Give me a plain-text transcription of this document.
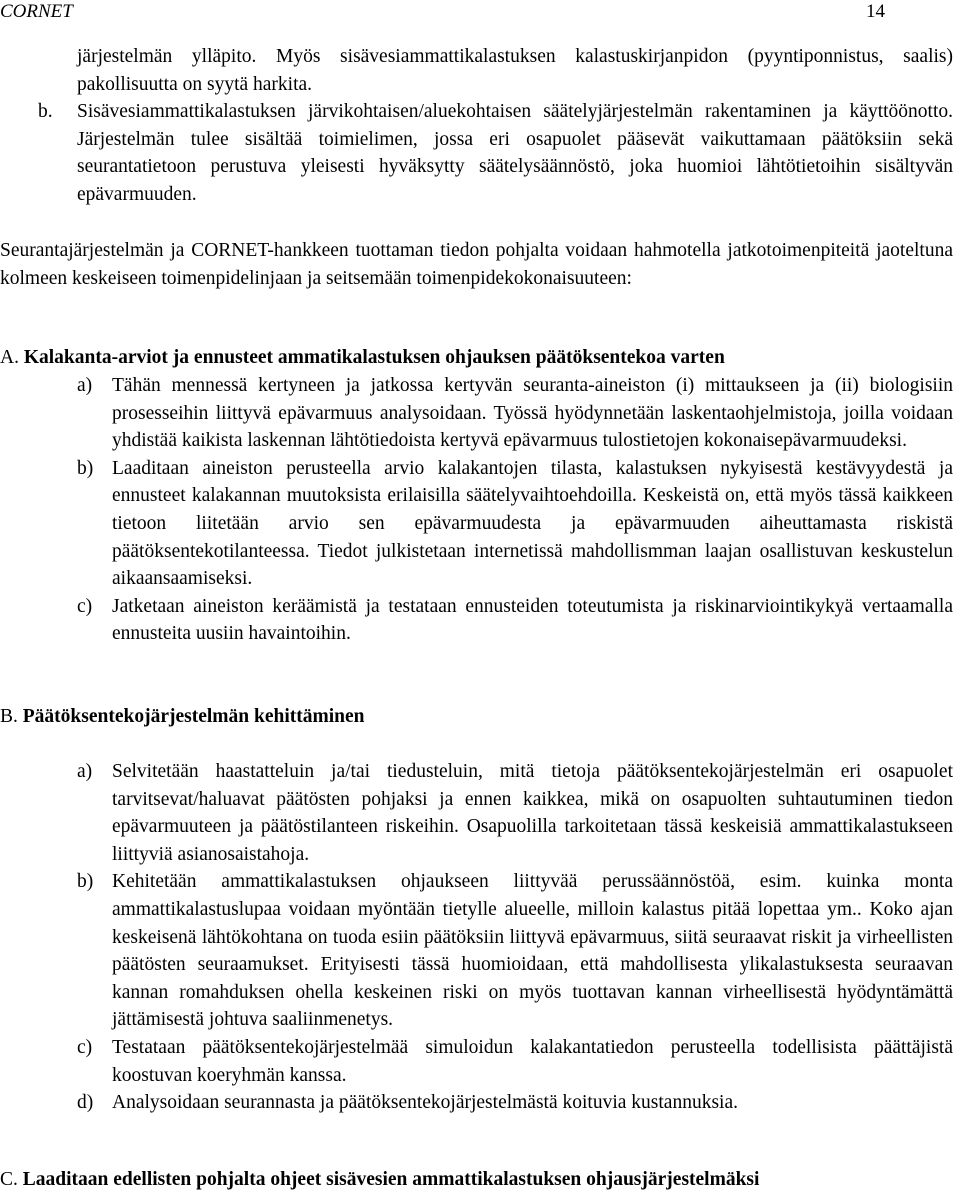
CORNET	14
järjestelmän ylläpito. Myös sisävesiammattikalastuksen kalastuskirjanpidon (pyyntiponnistus, saalis) pakollisuutta on syytä harkita.
b. Sisävesiammattikalastuksen järvikohtaisen/aluekohtaisen säätelyjärjestelmän rakentaminen ja käyttöönotto. Järjestelmän tulee sisältää toimielimen, jossa eri osapuolet pääsevät vaikuttamaan päätöksiin sekä seurantatietoon perustuva yleisesti hyväksytty säätelysäännöstö, joka huomioi lähtötietoihin sisältyvän epävarmuuden.
Seurantajärjestelmän ja CORNET-hankkeen tuottaman tiedon pohjalta voidaan hahmotella jatkotoimenpiteitä jaoteltuna kolmeen keskeiseen toimenpidelinjaan ja seitsemään toimenpidekokonaisuuteen:
A. Kalakanta-arviot ja ennusteet ammatikalastuksen ohjauksen päätöksentekoa varten
a) Tähän mennessä kertyneen ja jatkossa kertyvän seuranta-aineiston (i) mittaukseen ja (ii) biologisiin prosesseihin liittyvä epävarmuus analysoidaan. Työssä hyödynnetään laskentaohjelmistoja, joilla voidaan yhdistää kaikista laskennan lähtötiedoista kertyvä epävarmuus tulostietojen kokonaisepävarmuudeksi.
b) Laaditaan aineiston perusteella arvio kalakantojen tilasta, kalastuksen nykyisestä kestävyydestä ja ennusteet kalakannan muutoksista erilaisilla säätelyvaihtoehdoilla. Keskeistä on, että myös tässä kaikkeen tietoon liitetään arvio sen epävarmuudesta ja epävarmuuden aiheuttamasta riskistä päätöksentekotilanteessa. Tiedot julkistetaan internetissä mahdollismman laajan osallistuvan keskustelun aikaansaamiseksi.
c) Jatketaan aineiston keräämistä ja testataan ennusteiden toteutumista ja riskinarviointikykyä vertaamalla ennusteita uusiin havaintoihin.
B. Päätöksentekojärjestelmän kehittäminen
a) Selvitetään haastatteluin ja/tai tiedusteluin, mitä tietoja päätöksentekojärjestelmän eri osapuolet tarvitsevat/haluavat päätösten pohjaksi ja ennen kaikkea, mikä on osapuolten suhtautuminen tiedon epävarmuuteen ja päätöstilanteen riskeihin. Osapuolilla tarkoitetaan tässä keskeisiä ammattikalastukseen liittyviä asianosaistahoja.
b) Kehitetään ammattikalastuksen ohjaukseen liittyvää perussäännöstöä, esim. kuinka monta ammattikalastuslupaa voidaan myöntään tietylle alueelle, milloin kalastus pitää lopettaa ym.. Koko ajan keskeisenä lähtökohtana on tuoda esiin päätöksiin liittyvä epävarmuus, siitä seuraavat riskit ja virheellisten päätösten seuraamukset. Erityisesti tässä huomioidaan, että mahdollisesta ylikalastuksesta seuraavan kannan romahduksen ohella keskeinen riski on myös tuottavan kannan virheellisestä hyödyntämättä jättämisestä johtuva saaliinmenetys.
c) Testataan päätöksentekojärjestelmää simuloidun kalakantatiedon perusteella todellisista päättäjistä koostuvan koeryhmän kanssa.
d) Analysoidaan seurannasta ja päätöksentekojärjestelmästä koituvia kustannuksia.
C. Laaditaan edellisten pohjalta ohjeet sisävesien ammattikalastuksen ohjausjärjestelmäksi
